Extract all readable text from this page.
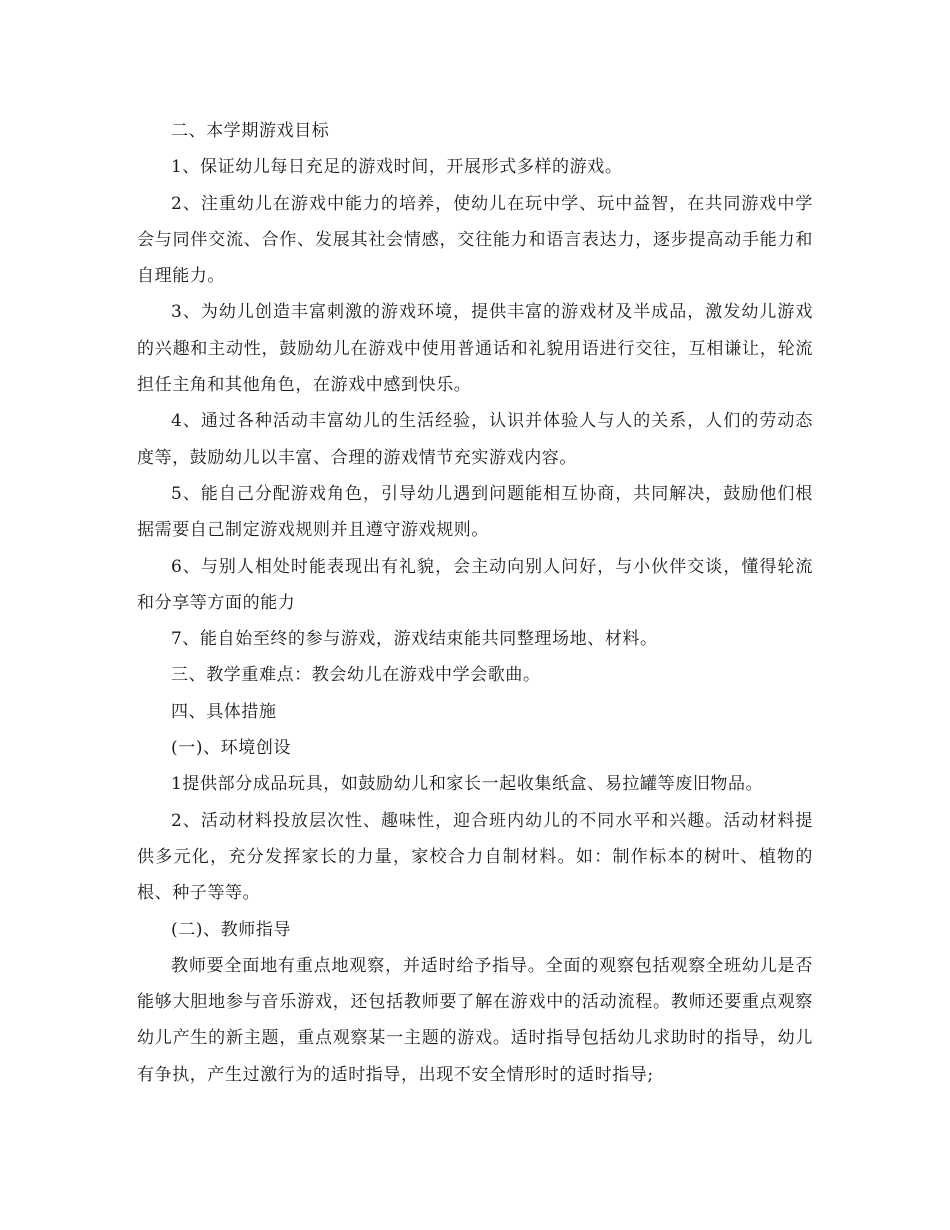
二、本学期游戏目标

1、保证幼儿每日充足的游戏时间，开展形式多样的游戏。

2、注重幼儿在游戏中能力的培养，使幼儿在玩中学、玩中益智，在共同游戏中学会与同伴交流、合作、发展其社会情感，交往能力和语言表达力，逐步提高动手能力和自理能力。

3、为幼儿创造丰富刺激的游戏环境，提供丰富的游戏材及半成品，激发幼儿游戏的兴趣和主动性，鼓励幼儿在游戏中使用普通话和礼貌用语进行交往，互相谦让，轮流担任主角和其他角色，在游戏中感到快乐。

4、通过各种活动丰富幼儿的生活经验，认识并体验人与人的关系，人们的劳动态度等，鼓励幼儿以丰富、合理的游戏情节充实游戏内容。

5、能自己分配游戏角色，引导幼儿遇到问题能相互协商，共同解决，鼓励他们根据需要自己制定游戏规则并且遵守游戏规则。

6、与别人相处时能表现出有礼貌，会主动向别人问好，与小伙伴交谈，懂得轮流和分享等方面的能力

7、能自始至终的参与游戏，游戏结束能共同整理场地、材料。

三、教学重难点：教会幼儿在游戏中学会歌曲。

四、具体措施

(一)、环境创设

1提供部分成品玩具，如鼓励幼儿和家长一起收集纸盒、易拉罐等废旧物品。

2、活动材料投放层次性、趣味性，迎合班内幼儿的不同水平和兴趣。活动材料提供多元化，充分发挥家长的力量，家校合力自制材料。如：制作标本的树叶、植物的根、种子等等。

(二)、教师指导

教师要全面地有重点地观察，并适时给予指导。全面的观察包括观察全班幼儿是否能够大胆地参与音乐游戏，还包括教师要了解在游戏中的活动流程。教师还要重点观察幼儿产生的新主题，重点观察某一主题的游戏。适时指导包括幼儿求助时的指导，幼儿有争执，产生过激行为的适时指导，出现不安全情形时的适时指导;
